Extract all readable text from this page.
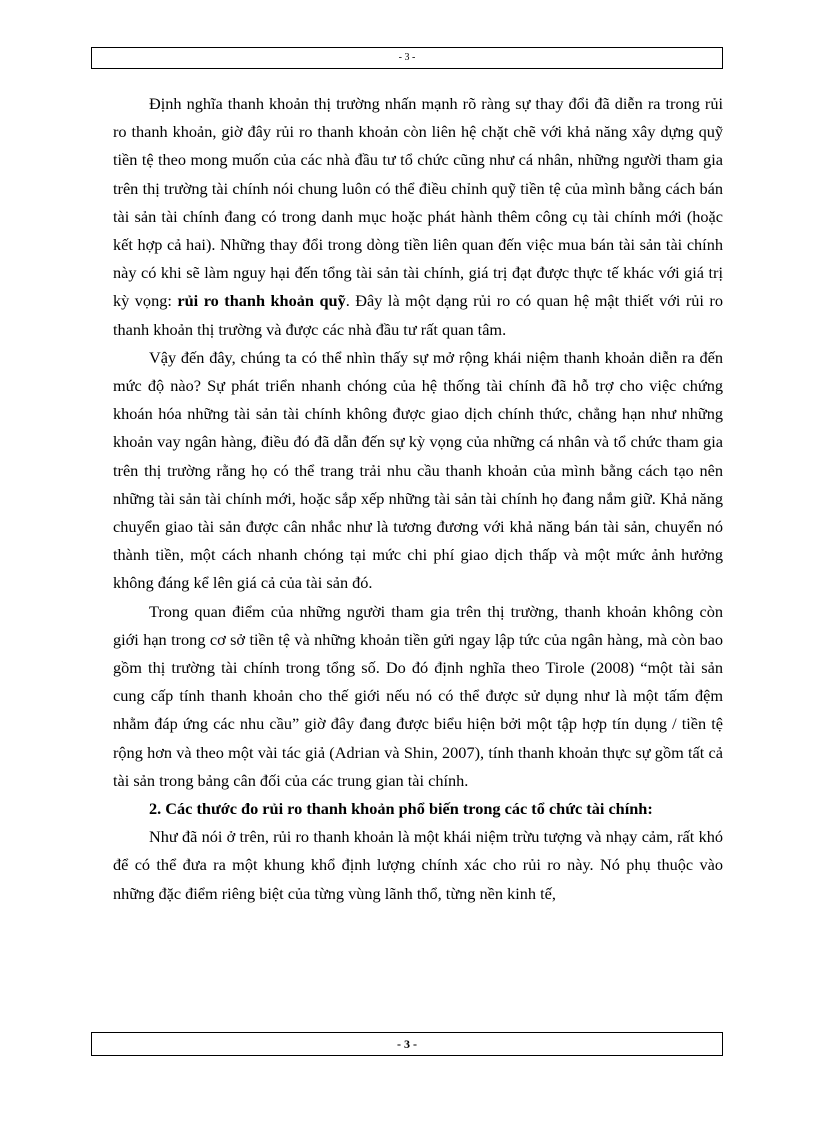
- 3 -

Định nghĩa thanh khoản thị trường nhấn mạnh rõ ràng sự thay đổi đã diễn ra trong rủi ro thanh khoản, giờ đây rủi ro thanh khoản còn liên hệ chặt chẽ với khả năng xây dựng quỹ tiền tệ theo mong muốn của các nhà đầu tư tổ chức cũng như cá nhân, những người tham gia trên thị trường tài chính nói chung luôn có thể điều chỉnh quỹ tiền tệ của mình bằng cách bán tài sản tài chính đang có trong danh mục hoặc phát hành thêm công cụ tài chính mới (hoặc kết hợp cả hai). Những thay đổi trong dòng tiền liên quan đến việc mua bán tài sản tài chính này có khi sẽ làm nguy hại đến tổng tài sản tài chính, giá trị đạt được thực tế khác với giá trị kỳ vọng: rủi ro thanh khoản quỹ. Đây là một dạng rủi ro có quan hệ mật thiết với rủi ro thanh khoản thị trường và được các nhà đầu tư rất quan tâm.

Vậy đến đây, chúng ta có thể nhìn thấy sự mở rộng khái niệm thanh khoản diễn ra đến mức độ nào? Sự phát triển nhanh chóng của hệ thống tài chính đã hỗ trợ cho việc chứng khoán hóa những tài sản tài chính không được giao dịch chính thức, chẳng hạn như những khoản vay ngân hàng, điều đó đã dẫn đến sự kỳ vọng của những cá nhân và tổ chức tham gia trên thị trường rằng họ có thể trang trải nhu cầu thanh khoản của mình bằng cách tạo nên những tài sản tài chính mới, hoặc sắp xếp những tài sản tài chính họ đang nắm giữ. Khả năng chuyển giao tài sản được cân nhắc như là tương đương với khả năng bán tài sản, chuyển nó thành tiền, một cách nhanh chóng tại mức chi phí giao dịch thấp và một mức ảnh hưởng không đáng kể lên giá cả của tài sản đó.

Trong quan điểm của những người tham gia trên thị trường, thanh khoản không còn giới hạn trong cơ sở tiền tệ và những khoản tiền gửi ngay lập tức của ngân hàng, mà còn bao gồm thị trường tài chính trong tổng số. Do đó định nghĩa theo Tirole (2008) “một tài sản cung cấp tính thanh khoản cho thế giới nếu nó có thể được sử dụng như là một tấm đệm nhằm đáp ứng các nhu cầu” giờ đây đang được biểu hiện bởi một tập hợp tín dụng / tiền tệ rộng hơn và theo một vài tác giả (Adrian và Shin, 2007), tính thanh khoản thực sự gồm tất cả tài sản trong bảng cân đối của các trung gian tài chính.

2. Các thước đo rủi ro thanh khoản phổ biến trong các tổ chức tài chính:

Như đã nói ở trên, rủi ro thanh khoản là một khái niệm trừu tượng và nhạy cảm, rất khó để có thể đưa ra một khung khổ định lượng chính xác cho rủi ro này. Nó phụ thuộc vào những đặc điểm riêng biệt của từng vùng lãnh thổ, từng nền kinh tế,

- 3 -
